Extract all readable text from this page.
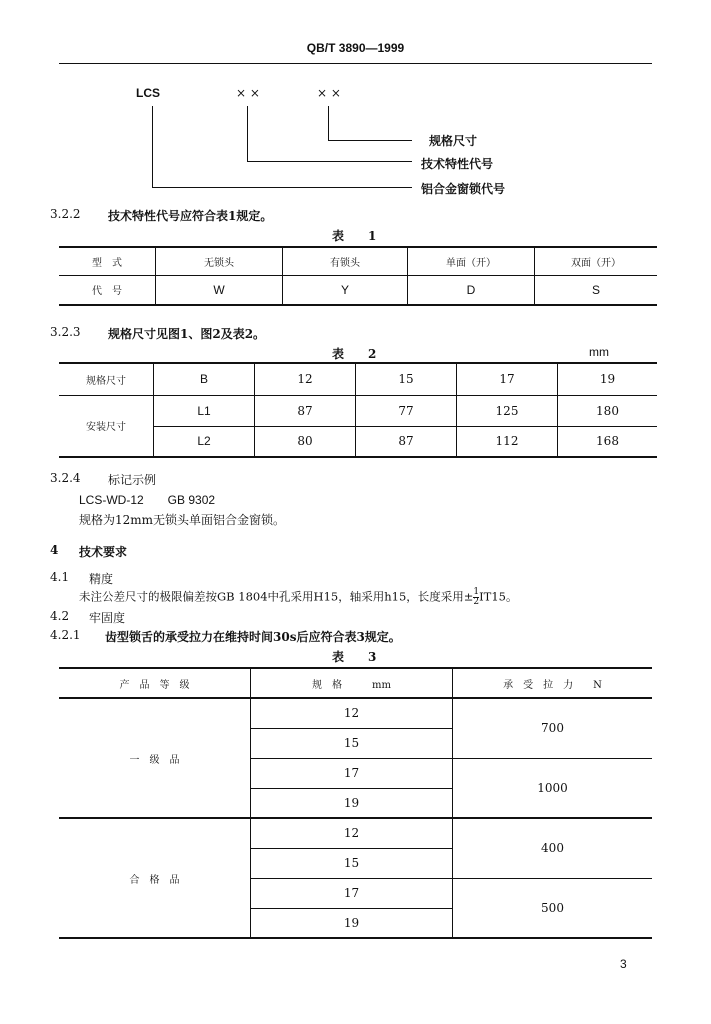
QB/T 3890—1999
LCS	× ×	× ×
规格尺寸
技术特性代号
铝合金窗锁代号
3.2.2 技术特性代号应符合表1规定。
表　　1
型　式	无锁头	有锁头	单面（开）	双面（开）
代　号	W	Y	D	S
3.2.3 规格尺寸见图1、图2及表2。
表　　2	mm
规格尺寸	B	12	15	17	19
安装尺寸	L1	87	77	125	180
	L2	80	87	112	168
3.2.4 标记示例
LCS-WD-12　　GB 9302
规格为12mm无锁头单面铝合金窗锁。
4 技术要求
4.1 精度
未注公差尺寸的极限偏差按GB 1804中孔采用H15，轴采用h15，长度采用± $\frac{1}{2} IT15$。
4.2 牢固度
4.2.1 齿型锁舌的承受拉力在维持时间30s后应符合表3规定。
表　　3
产　品　等　级	规　格　　　mm	承　受　拉　力　　N
一　级　品	12	700
	15	
	17	1000
	19	
合　格　品	12	400
	15	
	17	500
	19	
3
